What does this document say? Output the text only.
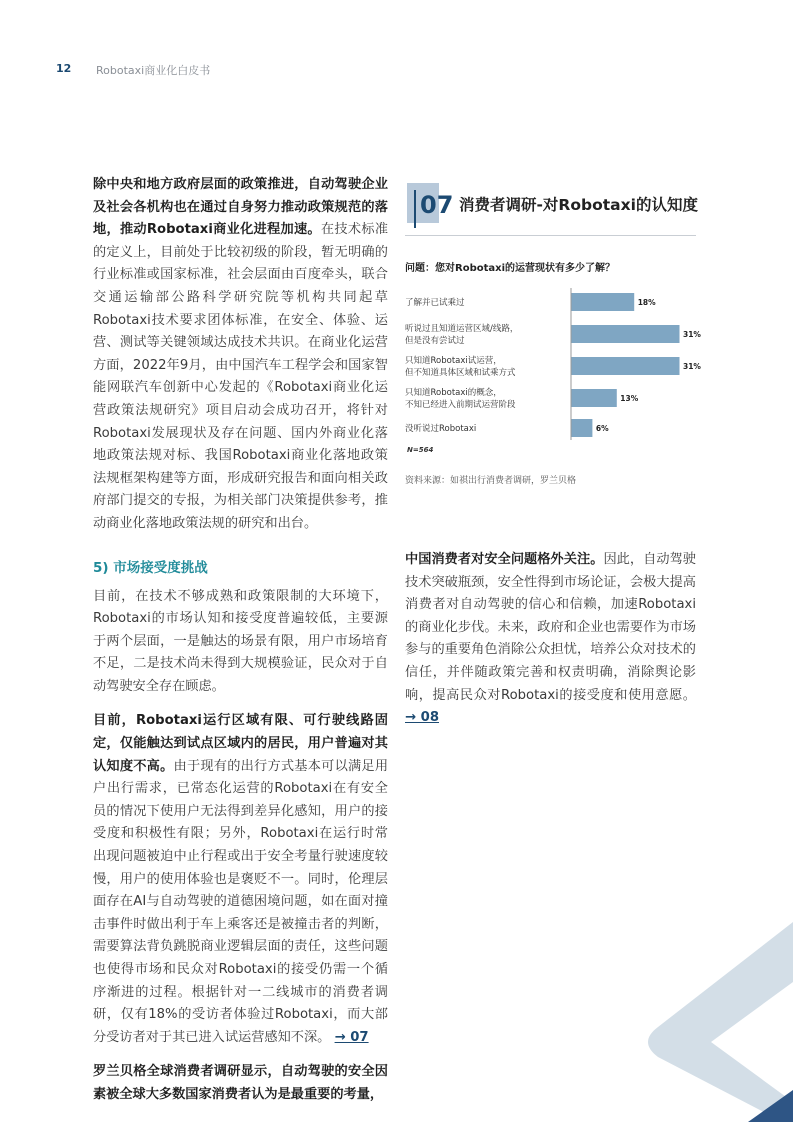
12 Robotaxi商业化白皮书

除中央和地方政府层面的政策推进，自动驾驶企业及社会各机构也在通过自身努力推动政策规范的落地，推动Robotaxi商业化进程加速。在技术标准的定义上，目前处于比较初级的阶段，暂无明确的行业标准或国家标准，社会层面由百度牵头，联合交通运输部公路科学研究院等机构共同起草Robotaxi技术要求团体标准，在安全、体验、运营、测试等关键领域达成技术共识。在商业化运营方面，2022年9月，由中国汽车工程学会和国家智能网联汽车创新中心发起的《Robotaxi商业化运营政策法规研究》项目启动会成功召开，将针对Robotaxi发展现状及存在问题、国内外商业化落地政策法规对标、我国Robotaxi商业化落地政策法规框架构建等方面，形成研究报告和面向相关政府部门提交的专报，为相关部门决策提供参考，推动商业化落地政策法规的研究和出台。

5) 市场接受度挑战

目前，在技术不够成熟和政策限制的大环境下，Robotaxi的市场认知和接受度普遍较低，主要源于两个层面，一是触达的场景有限，用户市场培育不足，二是技术尚未得到大规模验证，民众对于自动驾驶安全存在顾虑。

目前，Robotaxi运行区域有限、可行驶线路固定，仅能触达到试点区域内的居民，用户普遍对其认知度不高。由于现有的出行方式基本可以满足用户出行需求，已常态化运营的Robotaxi在有安全员的情况下使用户无法得到差异化感知，用户的接受度和积极性有限；另外，Robotaxi在运行时常出现问题被迫中止行程或出于安全考量行驶速度较慢，用户的使用体验也是褒贬不一。同时，伦理层面存在AI与自动驾驶的道德困境问题，如在面对撞击事件时做出利于车上乘客还是被撞击者的判断，需要算法背负跳脱商业逻辑层面的责任，这些问题也使得市场和民众对Robotaxi的接受仍需一个循序渐进的过程。根据针对一二线城市的消费者调研，仅有18%的受访者体验过Robotaxi，而大部分受访者对于其已进入试运营感知不深。 → 07

罗兰贝格全球消费者调研显示，自动驾驶的安全因素被全球大多数国家消费者认为是最重要的考量，

07 消费者调研-对Robotaxi的认知度
问题：您对Robotaxi的运营现状有多少了解？
18%
了解并已试乘过
31%
听说过且知道运营区域/线路，
但是没有尝试过
31%
只知道Robotaxi试运营，
但不知道具体区域和试乘方式
13%
只知道Robotaxi的概念，
不知已经进入前期试运营阶段
6%
没听说过Robotaxi
N=564
资料来源：如祺出行消费者调研，罗兰贝格

中国消费者对安全问题格外关注。因此，自动驾驶技术突破瓶颈，安全性得到市场论证，会极大提高消费者对自动驾驶的信心和信赖，加速Robotaxi的商业化步伐。未来，政府和企业也需要作为市场参与的重要角色消除公众担忧，培养公众对技术的信任，并伴随政策完善和权责明确，消除舆论影响，提高民众对Robotaxi的接受度和使用意愿。 → 08
